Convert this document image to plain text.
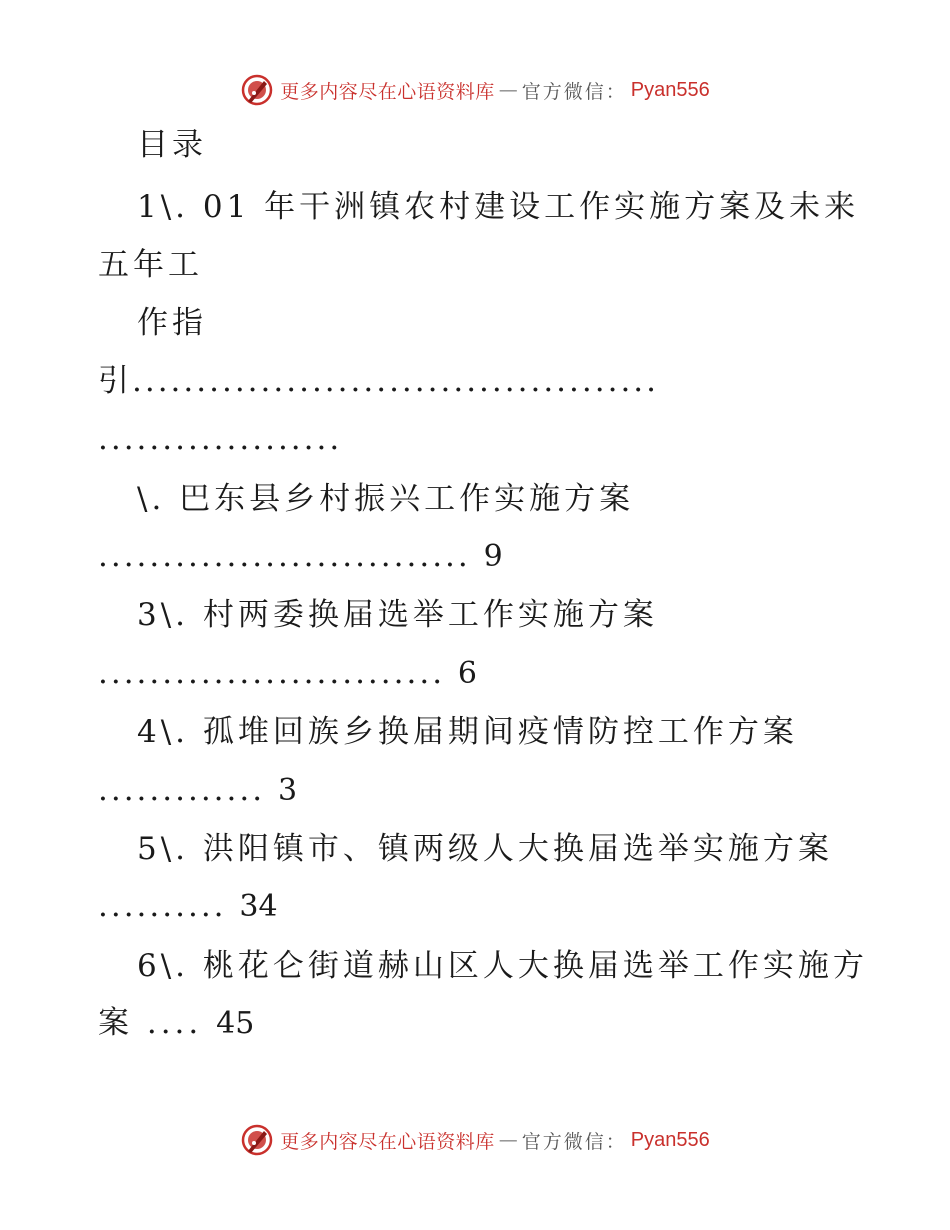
更多内容尽在心语资料库 — 官方微信： Pyan556
目录
1\. 01 年干洲镇农村建设工作实施方案及未来
五年工
作指
引.........................................
...................
\. 巴东县乡村振兴工作实施方案
............................. 9
3\. 村两委换届选举工作实施方案
........................... 6
4\. 孤堆回族乡换届期间疫情防控工作方案
............. 3
5\. 洪阳镇市、镇两级人大换届选举实施方案
.......... 34
6\. 桃花仑街道赫山区人大换届选举工作实施方
案 .... 45
更多内容尽在心语资料库 — 官方微信： Pyan556
